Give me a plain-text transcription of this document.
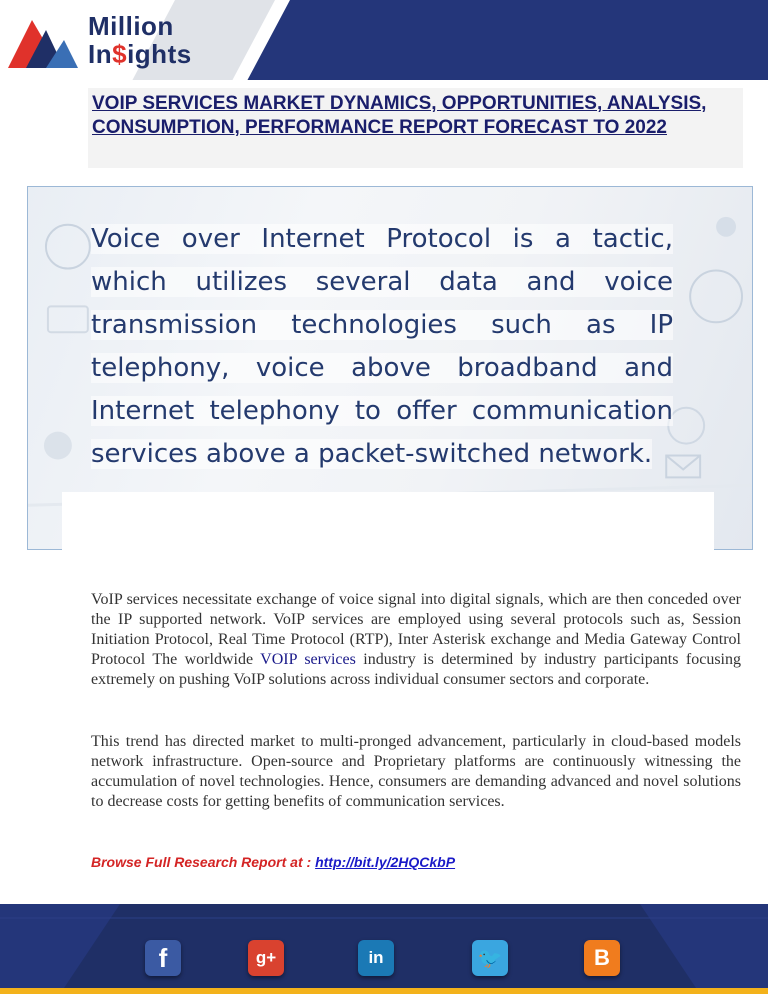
Million
In$ights
VOIP SERVICES MARKET DYNAMICS, OPPORTUNITIES, ANALYSIS, CONSUMPTION, PERFORMANCE REPORT FORECAST TO 2022
Voice over Internet Protocol is a tactic, which utilizes several data and voice transmission technologies such as IP telephony, voice above broadband and Internet telephony to offer communication services above a packet-switched network.
VoIP services necessitate exchange of voice signal into digital signals, which are then conceded over the IP supported network. VoIP services are employed using several protocols such as, Session Initiation Protocol, Real Time Protocol (RTP), Inter Asterisk exchange and Media Gateway Control Protocol The worldwide VOIP services industry is determined by industry participants focusing extremely on pushing VoIP solutions across individual consumer sectors and corporate.
This trend has directed market to multi-pronged advancement, particularly in cloud-based models network infrastructure. Open-source and Proprietary platforms are continuously witnessing the accumulation of novel technologies. Hence, consumers are demanding advanced and novel solutions to decrease costs for getting benefits of communication services.
Browse Full Research Report at : http://bit.ly/2HQCkbP
f	g+	in	🐦	B
